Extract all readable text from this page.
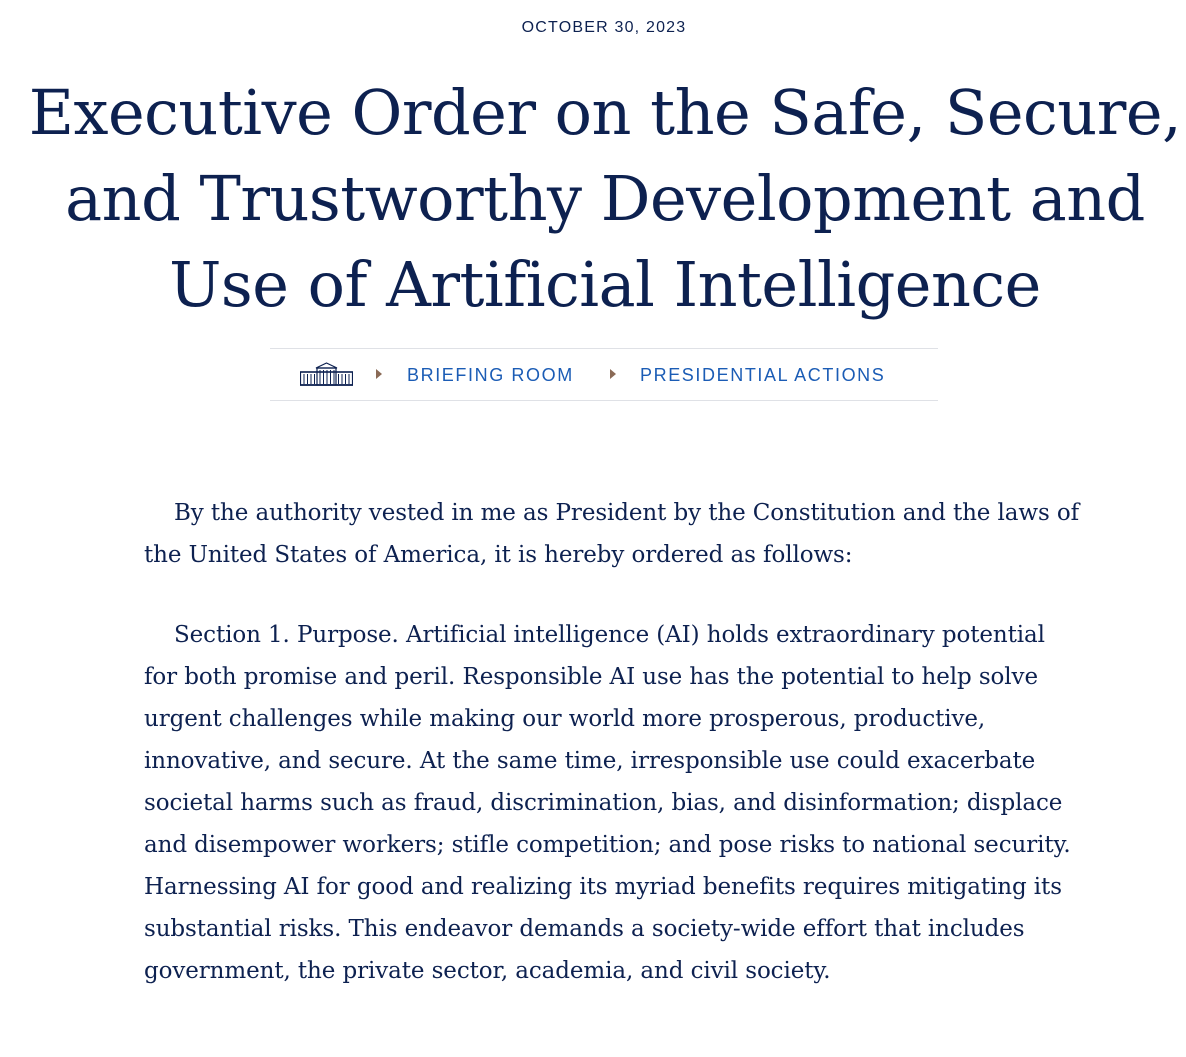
OCTOBER 30, 2023
Executive Order on the Safe, Secure, and Trustworthy Development and Use of Artificial Intelligence
BRIEFING ROOM	PRESIDENTIAL ACTIONS

By the authority vested in me as President by the Constitution and the laws of the United States of America, it is hereby ordered as follows:

Section 1. Purpose. Artificial intelligence (AI) holds extraordinary potential for both promise and peril. Responsible AI use has the potential to help solve urgent challenges while making our world more prosperous, productive, innovative, and secure. At the same time, irresponsible use could exacerbate societal harms such as fraud, discrimination, bias, and disinformation; displace and disempower workers; stifle competition; and pose risks to national security. Harnessing AI for good and realizing its myriad benefits requires mitigating its substantial risks. This endeavor demands a society-wide effort that includes government, the private sector, academia, and civil society.
